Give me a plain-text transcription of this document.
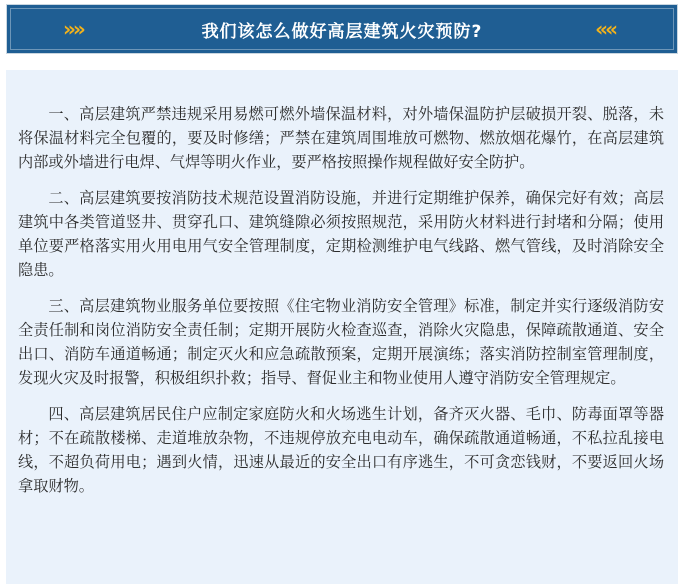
»»	我们该怎么做好高层建筑火灾预防?	««

一、高层建筑严禁违规采用易燃可燃外墙保温材料，对外墙保温防护层破损开裂、脱落，未将保温材料完全包覆的，要及时修缮；严禁在建筑周围堆放可燃物、燃放烟花爆竹，在高层建筑内部或外墙进行电焊、气焊等明火作业，要严格按照操作规程做好安全防护。

二、高层建筑要按消防技术规范设置消防设施，并进行定期维护保养，确保完好有效；高层建筑中各类管道竖井、贯穿孔口、建筑缝隙必须按照规范，采用防火材料进行封堵和分隔；使用单位要严格落实用火用电用气安全管理制度，定期检测维护电气线路、燃气管线，及时消除安全隐患。

三、高层建筑物业服务单位要按照《住宅物业消防安全管理》标准，制定并实行逐级消防安全责任制和岗位消防安全责任制；定期开展防火检查巡查，消除火灾隐患，保障疏散通道、安全出口、消防车通道畅通；制定灭火和应急疏散预案，定期开展演练；落实消防控制室管理制度，发现火灾及时报警，积极组织扑救；指导、督促业主和物业使用人遵守消防安全管理规定。

四、高层建筑居民住户应制定家庭防火和火场逃生计划，备齐灭火器、毛巾、防毒面罩等器材；不在疏散楼梯、走道堆放杂物，不违规停放充电电动车，确保疏散通道畅通，不私拉乱接电线，不超负荷用电；遇到火情，迅速从最近的安全出口有序逃生，不可贪恋钱财，不要返回火场拿取财物。
